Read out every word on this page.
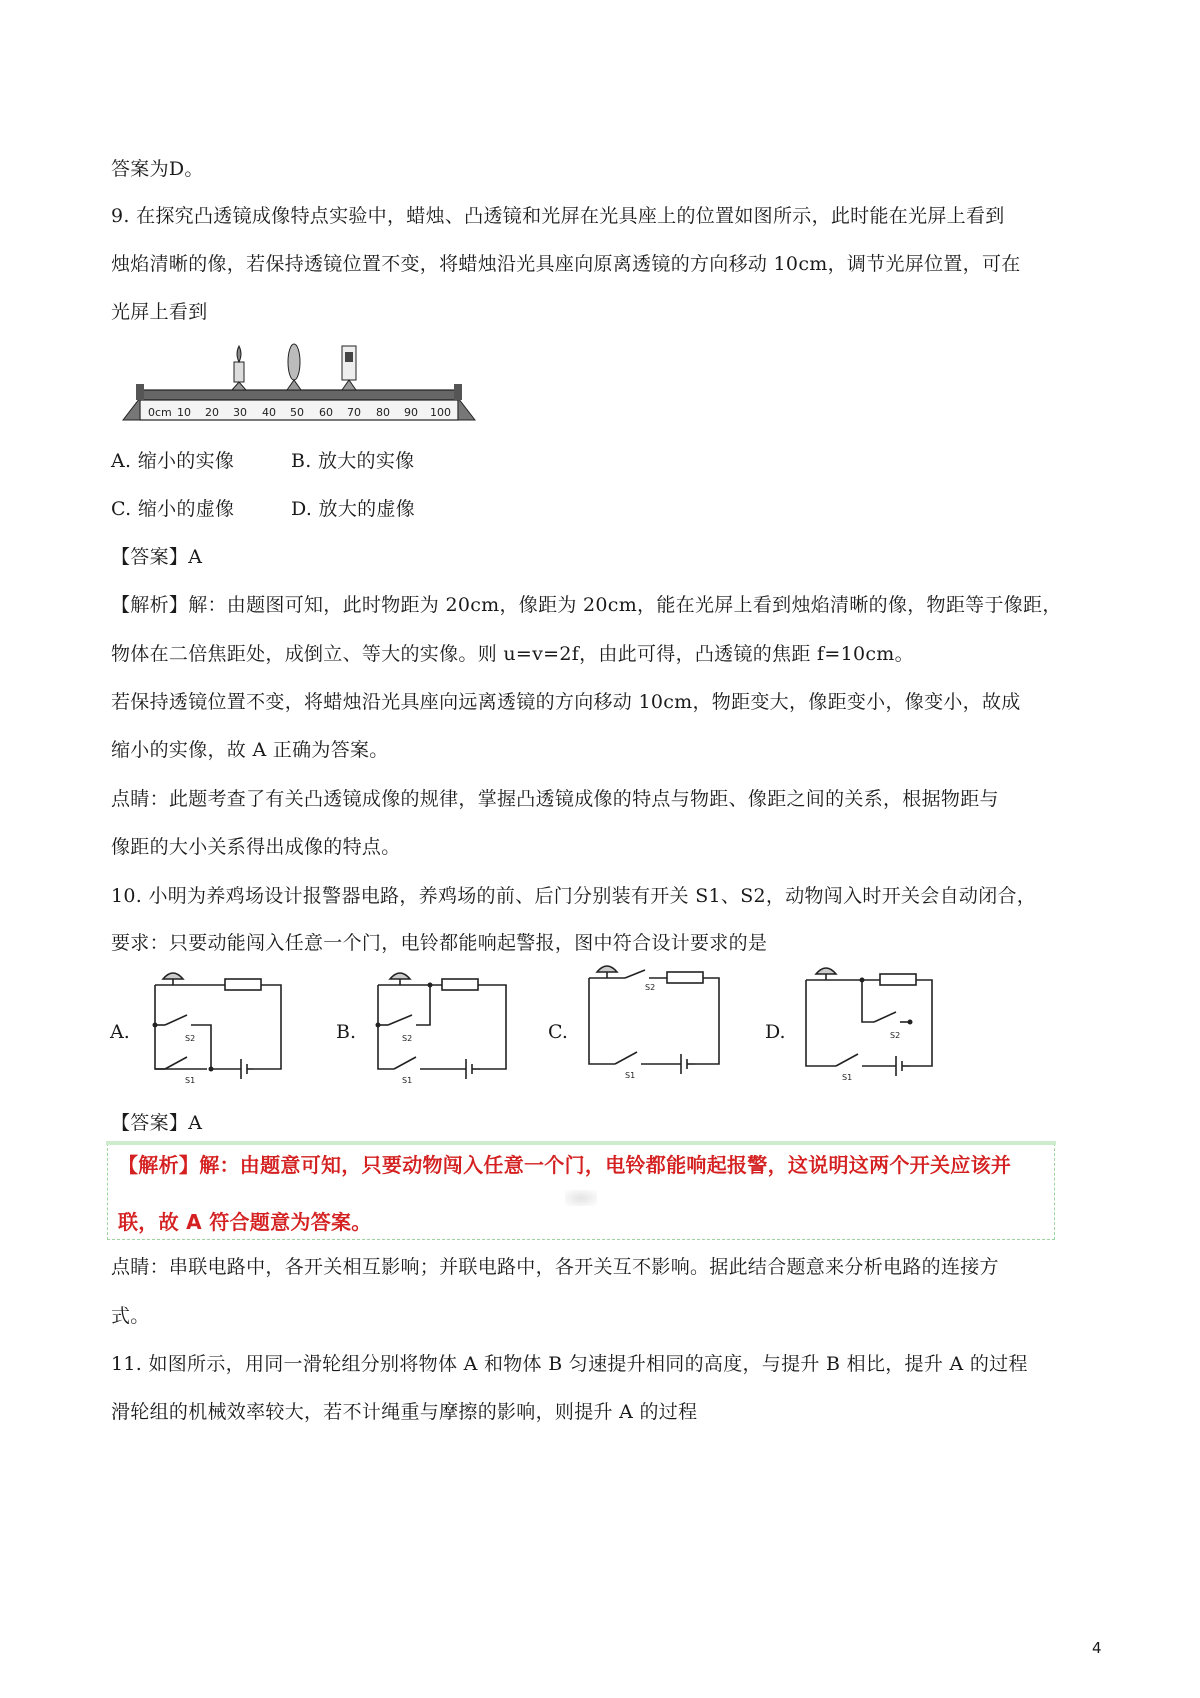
答案为D。
9. 在探究凸透镜成像特点实验中，蜡烛、凸透镜和光屏在光具座上的位置如图所示，此时能在光屏上看到
烛焰清晰的像，若保持透镜位置不变，将蜡烛沿光具座向原离透镜的方向移动 10cm，调节光屏位置，可在
光屏上看到
0cm 10 20 30 40 50 60 70 80 90 100
A. 缩小的实像	B. 放大的实像
C. 缩小的虚像	D. 放大的虚像
【答案】A
【解析】解：由题图可知，此时物距为 20cm，像距为 20cm，能在光屏上看到烛焰清晰的像，物距等于像距，
物体在二倍焦距处，成倒立、等大的实像。则 u=v=2f，由此可得，凸透镜的焦距 f=10cm。
若保持透镜位置不变，将蜡烛沿光具座向远离透镜的方向移动 10cm，物距变大，像距变小，像变小，故成
缩小的实像，故 A 正确为答案。
点睛：此题考查了有关凸透镜成像的规律，掌握凸透镜成像的特点与物距、像距之间的关系，根据物距与
像距的大小关系得出成像的特点。
10. 小明为养鸡场设计报警器电路，养鸡场的前、后门分别装有开关 S1、S2，动物闯入时开关会自动闭合，
要求：只要动能闯入任意一个门，电铃都能响起警报，图中符合设计要求的是
A.	B.	C.	D.
S2
S1
S2
S1
S2
S1
S2
S1
【答案】A
【解析】解：由题意可知，只要动物闯入任意一个门，电铃都能响起报警，这说明这两个开关应该并
联，故 A 符合题意为答案。
点睛：串联电路中，各开关相互影响；并联电路中，各开关互不影响。据此结合题意来分析电路的连接方
式。
11. 如图所示，用同一滑轮组分别将物体 A 和物体 B 匀速提升相同的高度，与提升 B 相比，提升 A 的过程
滑轮组的机械效率较大，若不计绳重与摩擦的影响，则提升 A 的过程
4
